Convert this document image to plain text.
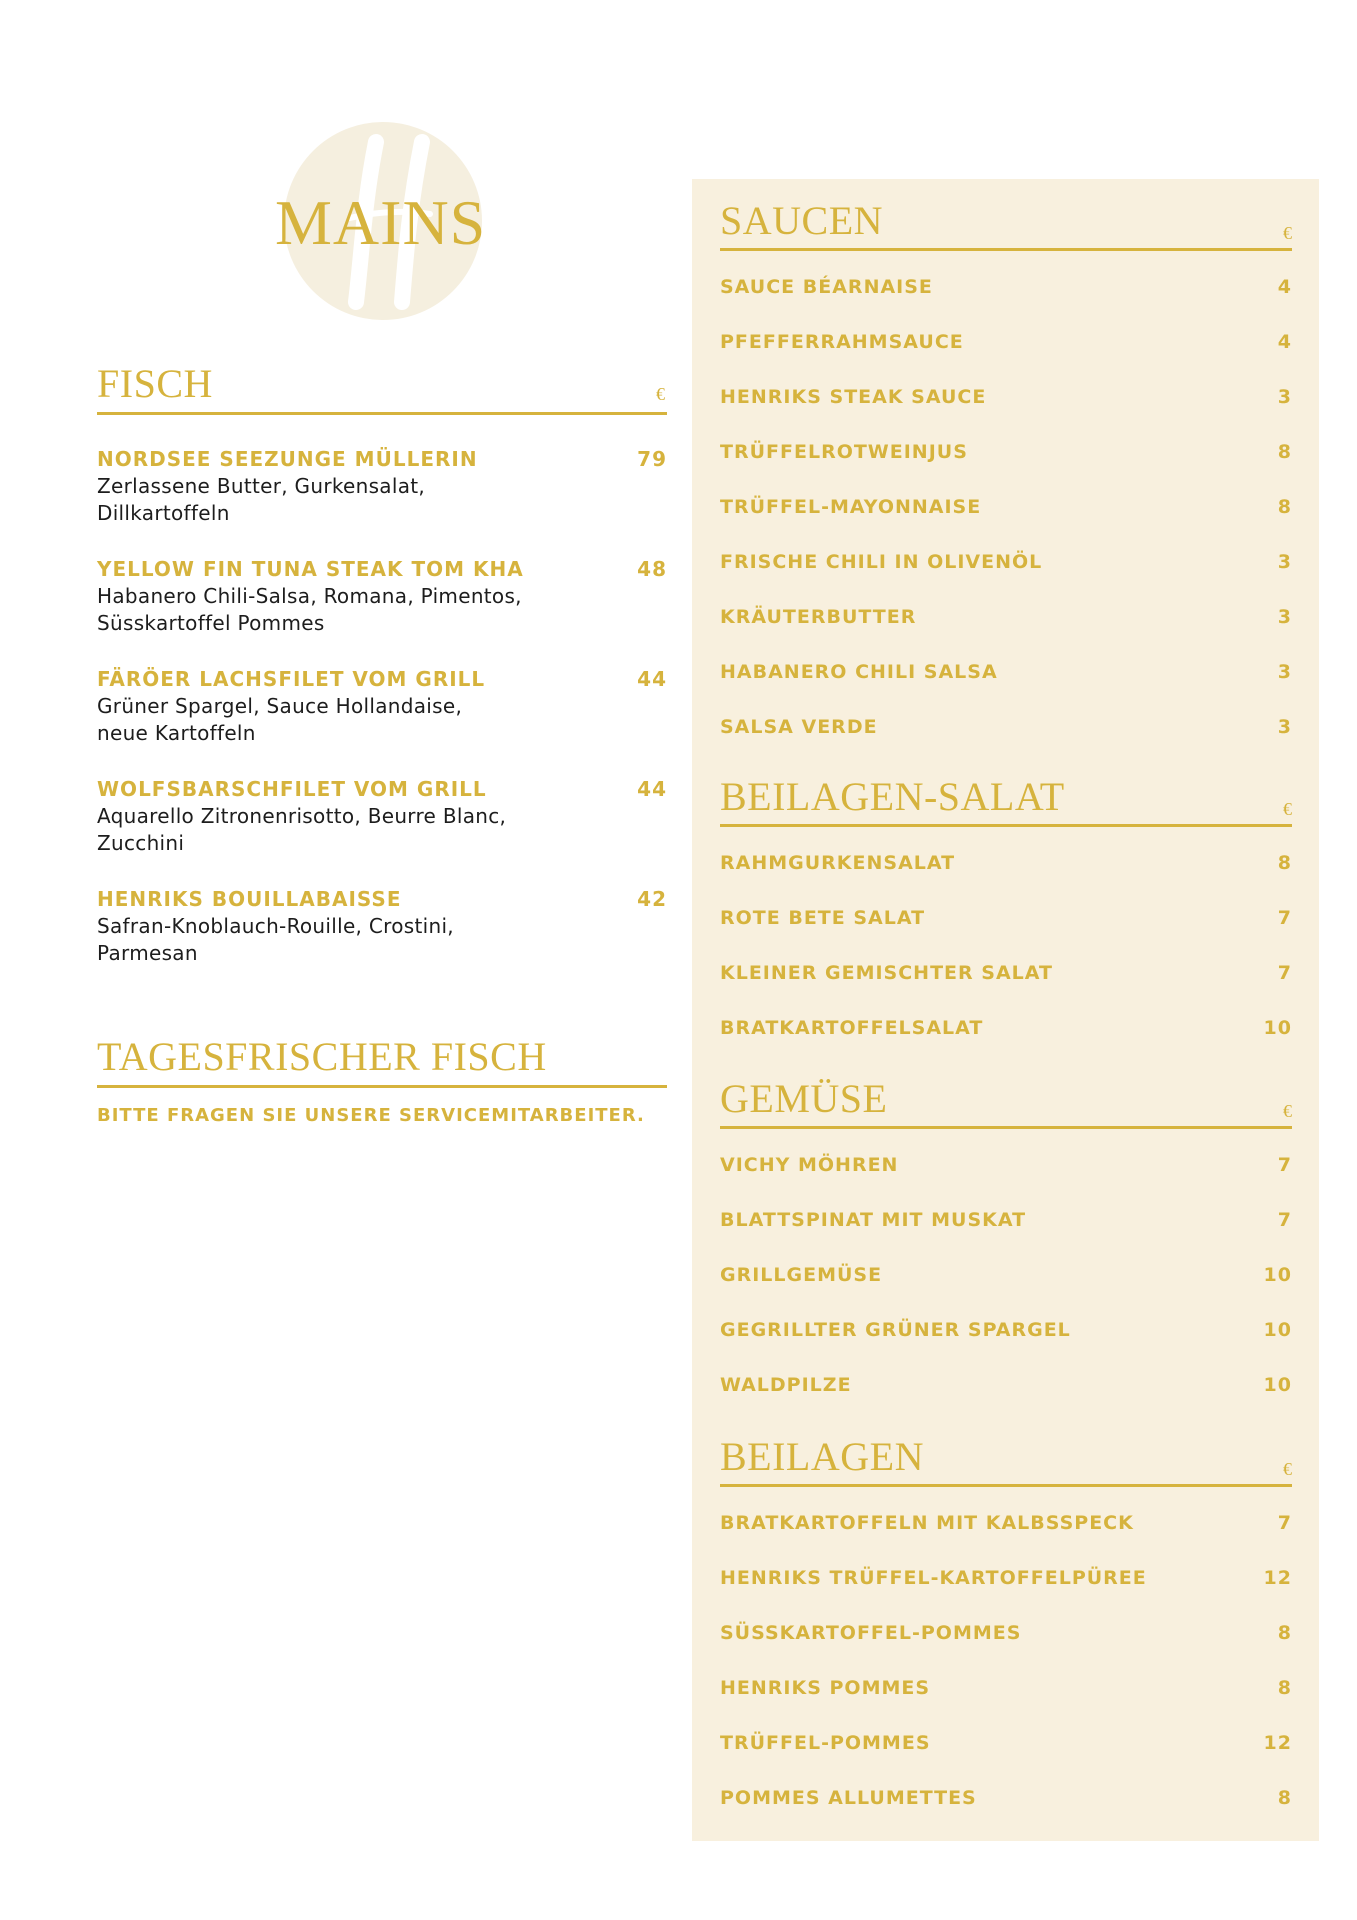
MAINS
FISCH	€
NORDSEE SEEZUNGE MÜLLERIN	79
Zerlassene Butter, Gurkensalat,
Dillkartoffeln
YELLOW FIN TUNA STEAK TOM KHA	48
Habanero Chili-Salsa, Romana, Pimentos,
Süsskartoffel Pommes
FÄRÖER LACHSFILET VOM GRILL	44
Grüner Spargel, Sauce Hollandaise,
neue Kartoffeln
WOLFSBARSCHFILET VOM GRILL	44
Aquarello Zitronenrisotto, Beurre Blanc,
Zucchini
HENRIKS BOUILLABAISSE	42
Safran-Knoblauch-Rouille, Crostini,
Parmesan
TAGESFRISCHER FISCH
BITTE FRAGEN SIE UNSERE SERVICEMITARBEITER.
SAUCEN	€
SAUCE BÉARNAISE	4
PFEFFERRAHMSAUCE	4
HENRIKS STEAK SAUCE	3
TRÜFFELROTWEINJUS	8
TRÜFFEL-MAYONNAISE	8
FRISCHE CHILI IN OLIVENÖL	3
KRÄUTERBUTTER	3
HABANERO CHILI SALSA	3
SALSA VERDE	3
BEILAGEN-SALAT	€
RAHMGURKENSALAT	8
ROTE BETE SALAT	7
KLEINER GEMISCHTER SALAT	7
BRATKARTOFFELSALAT	10
GEMÜSE	€
VICHY MÖHREN	7
BLATTSPINAT MIT MUSKAT	7
GRILLGEMÜSE	10
GEGRILLTER GRÜNER SPARGEL	10
WALDPILZE	10
BEILAGEN	€
BRATKARTOFFELN MIT KALBSSPECK	7
HENRIKS TRÜFFEL-KARTOFFELPÜREE	12
SÜSSKARTOFFEL-POMMES	8
HENRIKS POMMES	8
TRÜFFEL-POMMES	12
POMMES ALLUMETTES	8
